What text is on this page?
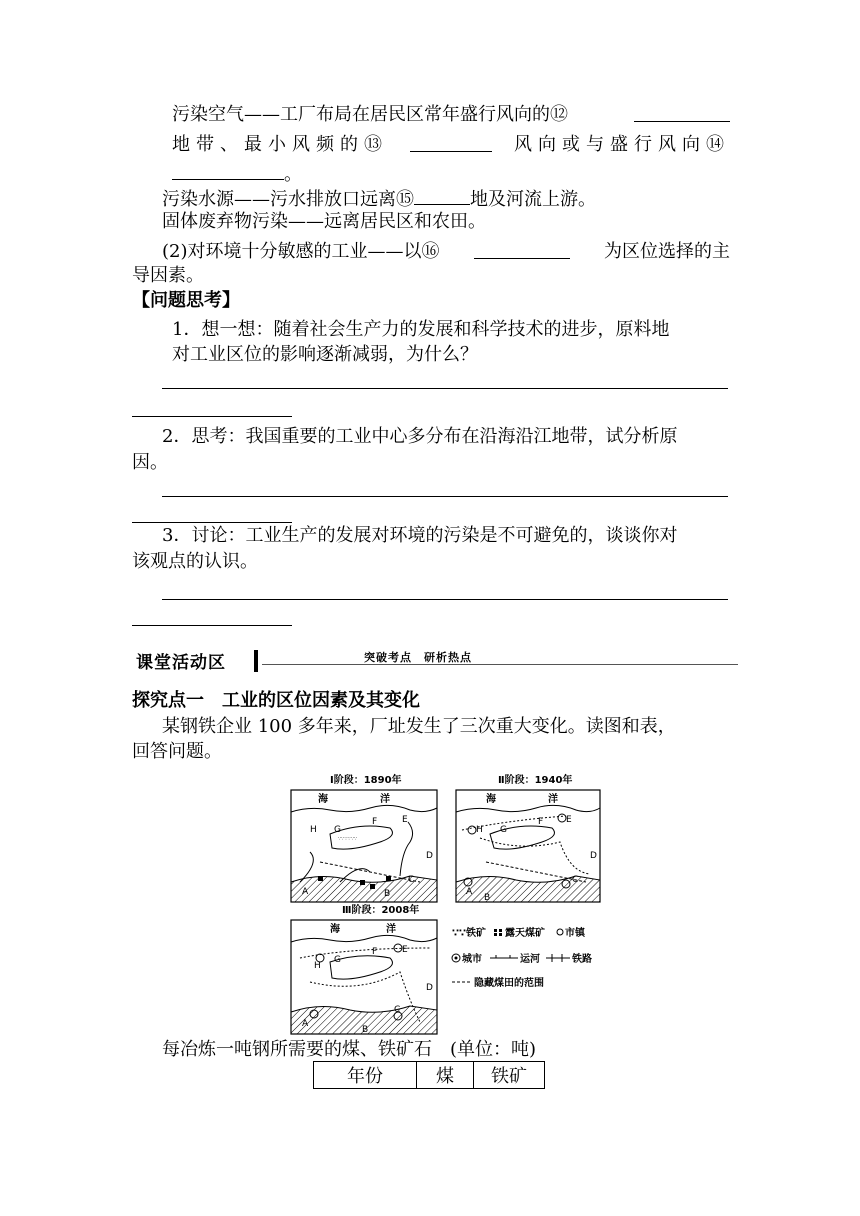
污染空气——工厂布局在居民区常年盛行风向的⑫
地带、最小风频的⑬	风向或与盛行风向⑭
。
污染水源——污水排放口远离⑮	地及河流上游。
固体废弃物污染——远离居民区和农田。
(2)对环境十分敏感的工业——以⑯	为区位选择的主
导因素。
【问题思考】
1．想一想：随着社会生产力的发展和科学技术的进步，原料地
对工业区位的影响逐渐减弱，为什么？
2．思考：我国重要的工业中心多分布在沿海沿江地带，试分析原
因。
3．讨论：工业生产的发展对环境的污染是不可避免的，谈谈你对
该观点的认识。
课堂活动区	突破考点　研析热点
探究点一　工业的区位因素及其变化
某钢铁企业 100 多年来，厂址发生了三次重大变化。读图和表，
回答问题。
Ⅰ阶段：1890年	Ⅱ阶段：1940年
Ⅲ阶段：2008年
∵∵∵∵∵∵
海	洋	海	洋
海	洋
A	B
C
D
E
F
G
H
A
B
C
D
E
F
G
H
A
B
C
D
E
F
G
H
∵∵ 铁矿 露天煤矿 市镇
城市	运河	铁路
隐藏煤田的范围
每冶炼一吨钢所需要的煤、铁矿石　(单位：吨)
年份	煤	铁矿
